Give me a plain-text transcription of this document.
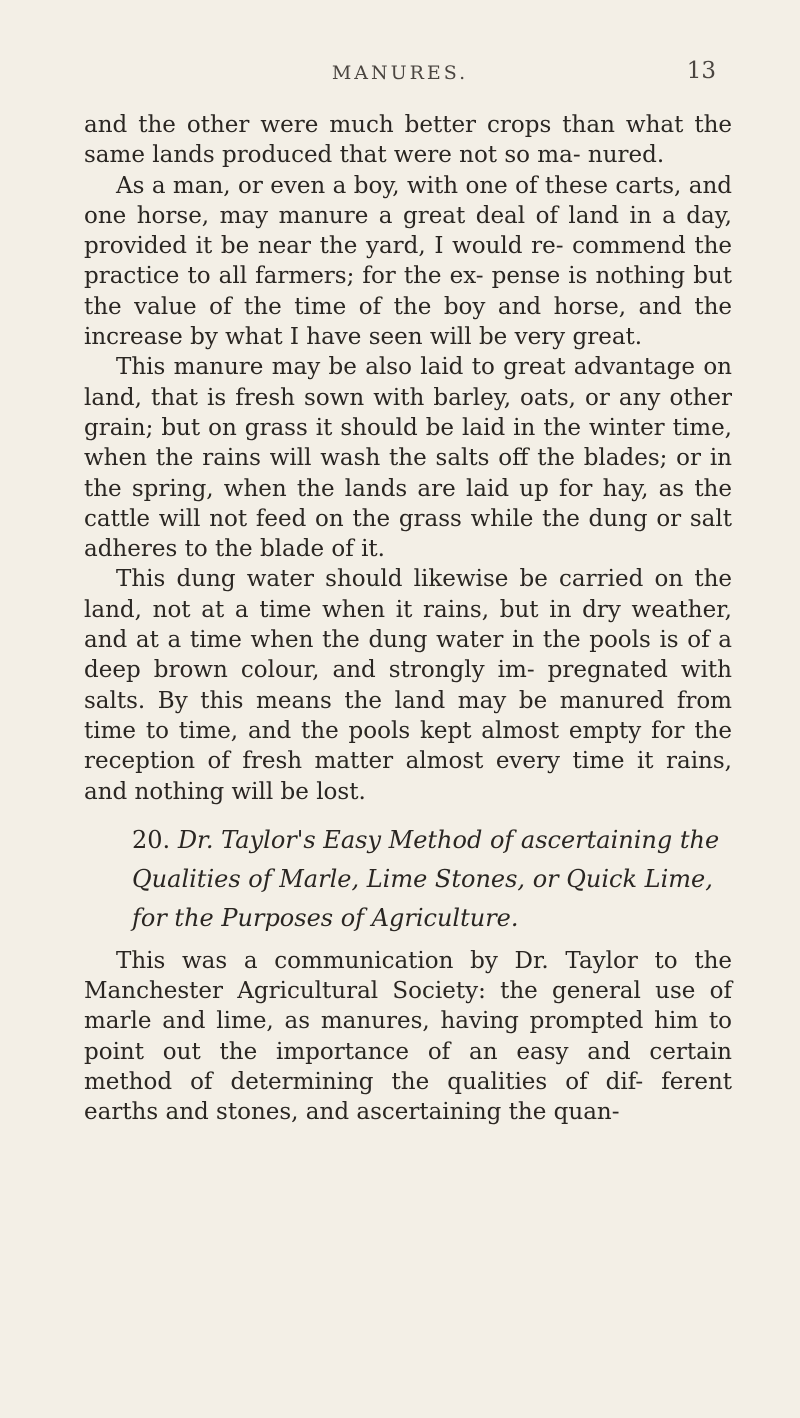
MANURES.	13

and the other were much better crops than what the same lands produced that were not so ma- nured.

As a man, or even a boy, with one of these carts, and one horse, may manure a great deal of land in a day, provided it be near the yard, I would re- commend the practice to all farmers; for the ex- pense is nothing but the value of the time of the boy and horse, and the increase by what I have seen will be very great.

This manure may be also laid to great advantage on land, that is fresh sown with barley, oats, or any other grain; but on grass it should be laid in the winter time, when the rains will wash the salts off the blades; or in the spring, when the lands are laid up for hay, as the cattle will not feed on the grass while the dung or salt adheres to the blade of it.

This dung water should likewise be carried on the land, not at a time when it rains, but in dry weather, and at a time when the dung water in the pools is of a deep brown colour, and strongly im- pregnated with salts. By this means the land may be manured from time to time, and the pools kept almost empty for the reception of fresh matter almost every time it rains, and nothing will be lost.

20. Dr. Taylor's Easy Method of ascertaining the Qualities of Marle, Lime Stones, or Quick Lime, for the Purposes of Agriculture.

This was a communication by Dr. Taylor to the Manchester Agricultural Society: the general use of marle and lime, as manures, having prompted him to point out the importance of an easy and certain method of determining the qualities of dif- ferent earths and stones, and ascertaining the quan-
